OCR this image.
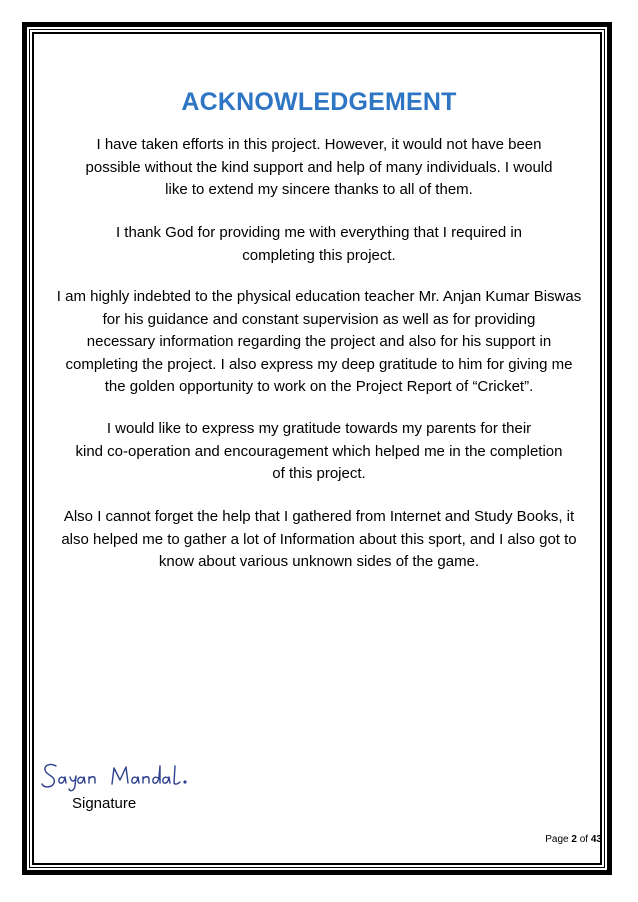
ACKNOWLEDGEMENT
I have taken efforts in this project. However, it would not have been
possible without the kind support and help of many individuals. I would
like to extend my sincere thanks to all of them.
I thank God for providing me with everything that I required in
completing this project.
I am highly indebted to the physical education teacher Mr. Anjan Kumar Biswas
for his guidance and constant supervision as well as for providing
necessary information regarding the project and also for his support in
completing the project. I also express my deep gratitude to him for giving me
the golden opportunity to work on the Project Report of “Cricket”.
I would like to express my gratitude towards my parents for their
kind co-operation and encouragement which helped me in the completion
of this project.
Also I cannot forget the help that I gathered from Internet and Study Books, it
also helped me to gather a lot of Information about this sport, and I also got to
know about various unknown sides of the game.

Signature

Page 2 of 43
